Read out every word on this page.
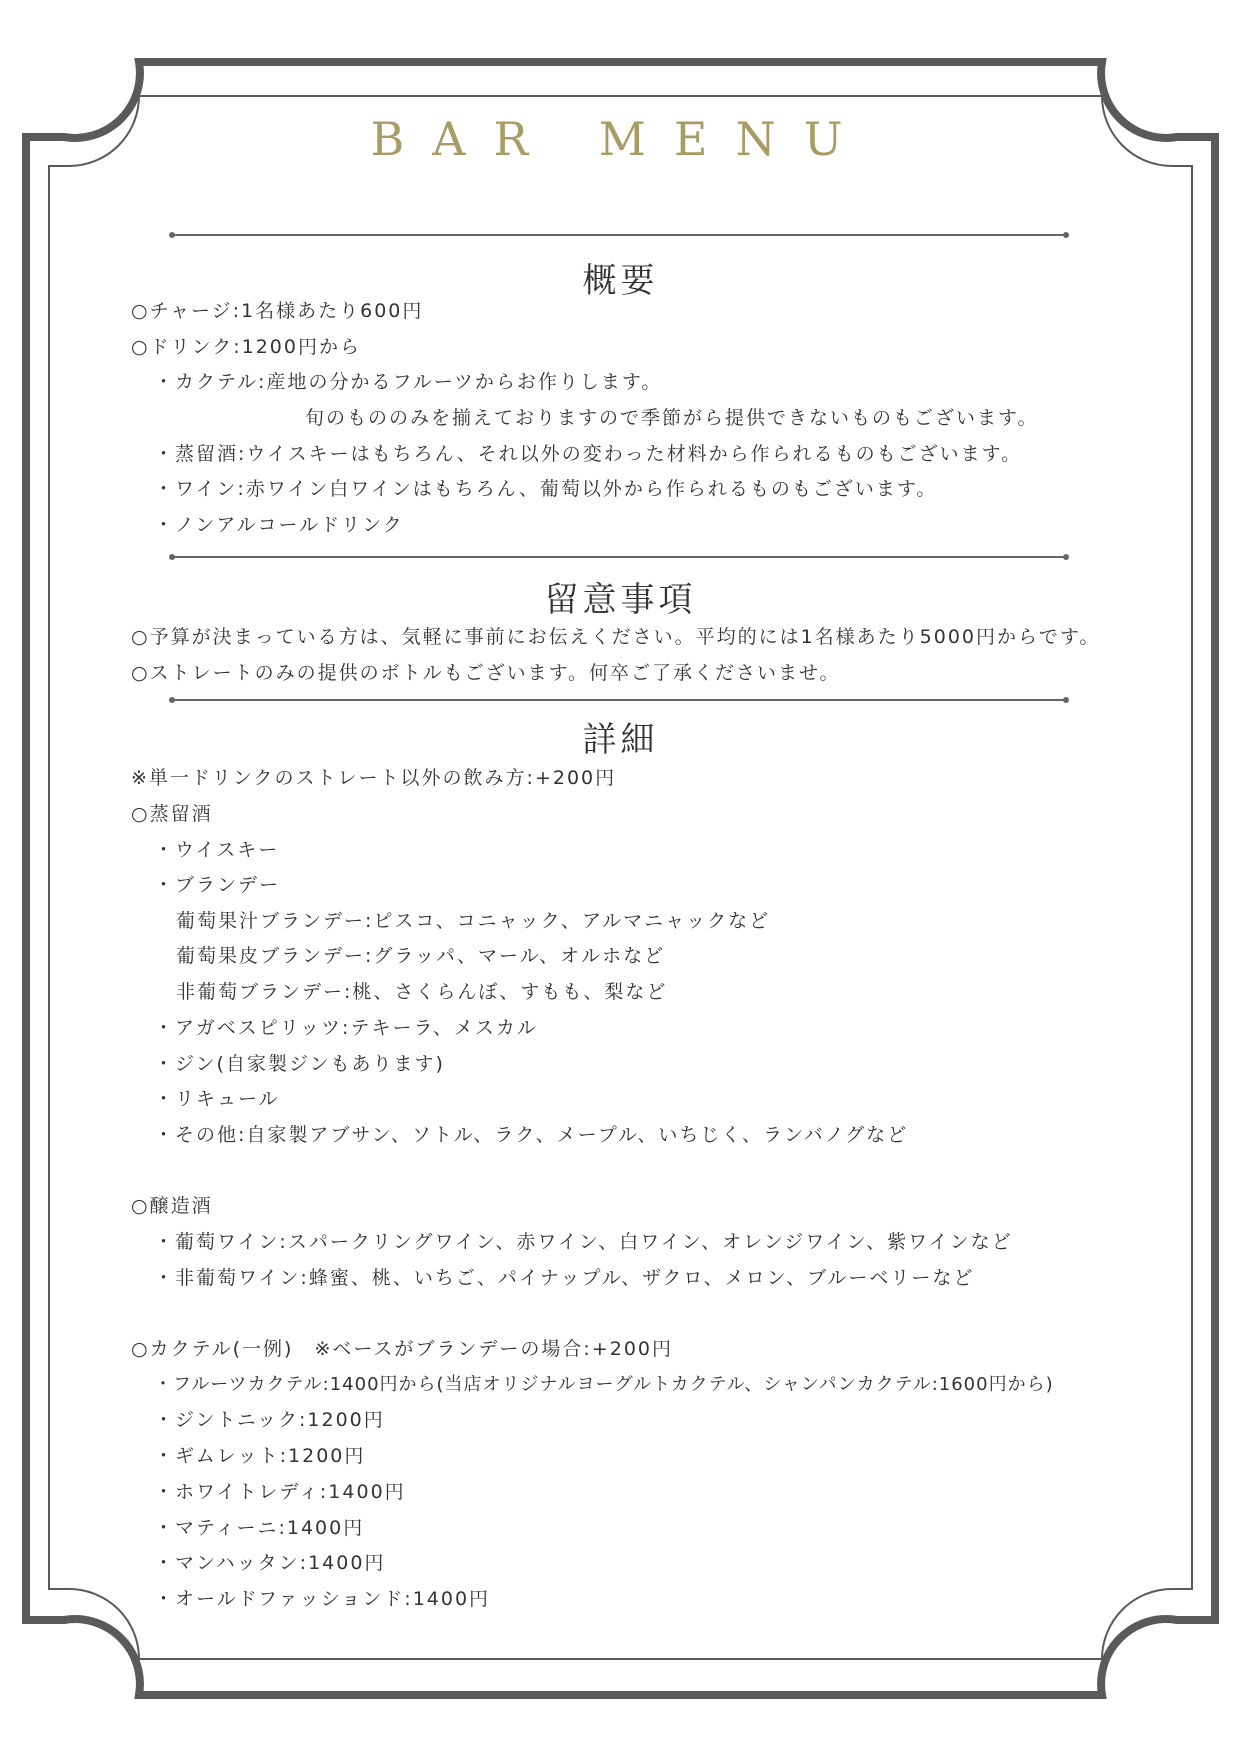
BAR MENU
概要
○チャージ:1名様あたり600円
○ドリンク:1200円から
・カクテル:産地の分かるフルーツからお作りします。
旬のもののみを揃えておりますので季節がら提供できないものもございます。
・蒸留酒:ウイスキーはもちろん、それ以外の変わった材料から作られるものもございます。
・ワイン:赤ワイン白ワインはもちろん、葡萄以外から作られるものもございます。
・ノンアルコールドリンク
留意事項
○予算が決まっている方は、気軽に事前にお伝えください。平均的には1名様あたり5000円からです。
○ストレートのみの提供のボトルもございます。何卒ご了承くださいませ。
詳細
※単一ドリンクのストレート以外の飲み方:+200円
○蒸留酒
・ウイスキー
・ブランデー
葡萄果汁ブランデー:ピスコ、コニャック、アルマニャックなど
葡萄果皮ブランデー:グラッパ、マール、オルホなど
非葡萄ブランデー:桃、さくらんぼ、すもも、梨など
・アガベスピリッツ:テキーラ、メスカル
・ジン(自家製ジンもあります)
・リキュール
・その他:自家製アブサン、ソトル、ラク、メープル、いちじく、ランバノグなど
○醸造酒
・葡萄ワイン:スパークリングワイン、赤ワイン、白ワイン、オレンジワイン、紫ワインなど
・非葡萄ワイン:蜂蜜、桃、いちご、パイナップル、ザクロ、メロン、ブルーベリーなど
○カクテル(一例)　※ベースがブランデーの場合:+200円
・フルーツカクテル:1400円から(当店オリジナルヨーグルトカクテル、シャンパンカクテル:1600円から)
・ジントニック:1200円
・ギムレット:1200円
・ホワイトレディ:1400円
・マティーニ:1400円
・マンハッタン:1400円
・オールドファッションド:1400円
